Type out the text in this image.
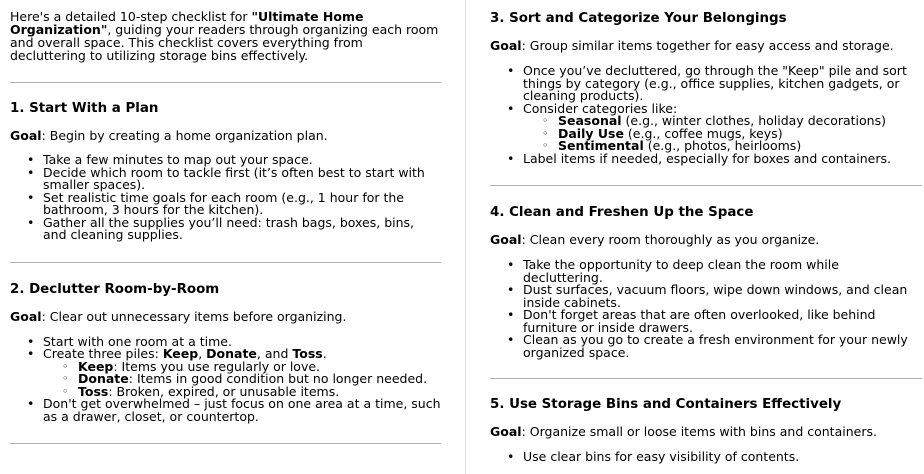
Here's a detailed 10-step checklist for "Ultimate Home Organization", guiding your readers through organizing each room and overall space. This checklist covers everything from decluttering to utilizing storage bins effectively.

1. Start With a Plan

Goal: Begin by creating a home organization plan.

• Take a few minutes to map out your space.
• Decide which room to tackle first (it’s often best to start with smaller spaces).
• Set realistic time goals for each room (e.g., 1 hour for the bathroom, 3 hours for the kitchen).
• Gather all the supplies you’ll need: trash bags, boxes, bins, and cleaning supplies.
2. Declutter Room-by-Room

Goal: Clear out unnecessary items before organizing.

• Start with one room at a time.
• Create three piles: Keep, Donate, and Toss.
◦ Keep: Items you use regularly or love.
◦ Donate: Items in good condition but no longer needed.
◦ Toss: Broken, expired, or unusable items.
• Don't get overwhelmed – just focus on one area at a time, such as a drawer, closet, or countertop.
3. Sort and Categorize Your Belongings

Goal: Group similar items together for easy access and storage.

• Once you’ve decluttered, go through the "Keep" pile and sort things by category (e.g., office supplies, kitchen gadgets, or cleaning products).
• Consider categories like:
◦ Seasonal (e.g., winter clothes, holiday decorations)
◦ Daily Use (e.g., coffee mugs, keys)
◦ Sentimental (e.g., photos, heirlooms)
• Label items if needed, especially for boxes and containers.
4. Clean and Freshen Up the Space

Goal: Clean every room thoroughly as you organize.

• Take the opportunity to deep clean the room while decluttering.
• Dust surfaces, vacuum floors, wipe down windows, and clean inside cabinets.
• Don't forget areas that are often overlooked, like behind furniture or inside drawers.
• Clean as you go to create a fresh environment for your newly organized space.
5. Use Storage Bins and Containers Effectively

Goal: Organize small or loose items with bins and containers.

• Use clear bins for easy visibility of contents.
